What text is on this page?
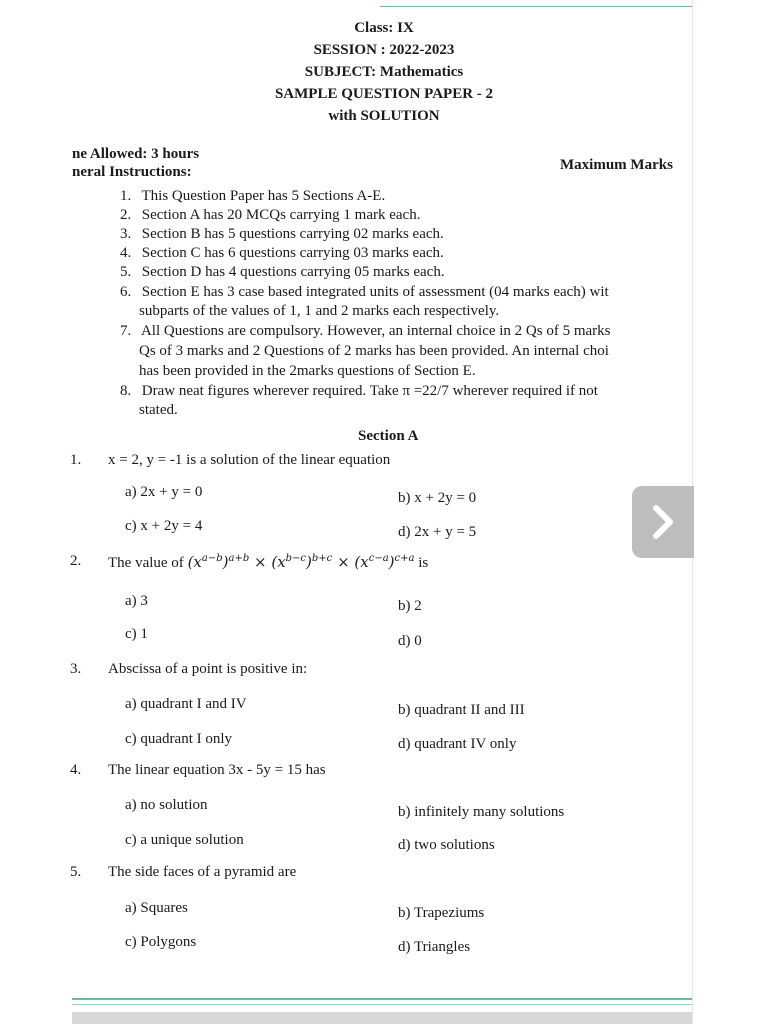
Class: IX
SESSION : 2022-2023
SUBJECT: Mathematics
SAMPLE QUESTION PAPER - 2
with SOLUTION
ne Allowed: 3 hours
neral Instructions:	Maximum Marks
1. This Question Paper has 5 Sections A-E.
2. Section A has 20 MCQs carrying 1 mark each.
3. Section B has 5 questions carrying 02 marks each.
4. Section C has 6 questions carrying 03 marks each.
5. Section D has 4 questions carrying 05 marks each.
6. Section E has 3 case based integrated units of assessment (04 marks each) wit
subparts of the values of 1, 1 and 2 marks each respectively.
7. All Questions are compulsory. However, an internal choice in 2 Qs of 5 marks
Qs of 3 marks and 2 Questions of 2 marks has been provided. An internal choi
has been provided in the 2marks questions of Section E.
8. Draw neat figures wherever required. Take π =22/7 wherever required if not
stated.
Section A
1. x = 2, y = -1 is a solution of the linear equation
a) 2x + y = 0	b) x + 2y = 0
c) x + 2y = 4	d) 2x + y = 5
2. The value of $(x^{a-b})^{a+b} \times (x^{b-c})^{b+c} \times (x^{c-a})^{c+a}$ is
a) 3	b) 2
c) 1	d) 0
3. Abscissa of a point is positive in:
a) quadrant I and IV	b) quadrant II and III
c) quadrant I only	d) quadrant IV only
4. The linear equation 3x - 5y = 15 has
a) no solution	b) infinitely many solutions
c) a unique solution	d) two solutions
5. The side faces of a pyramid are
a) Squares	b) Trapeziums
c) Polygons	d) Triangles
